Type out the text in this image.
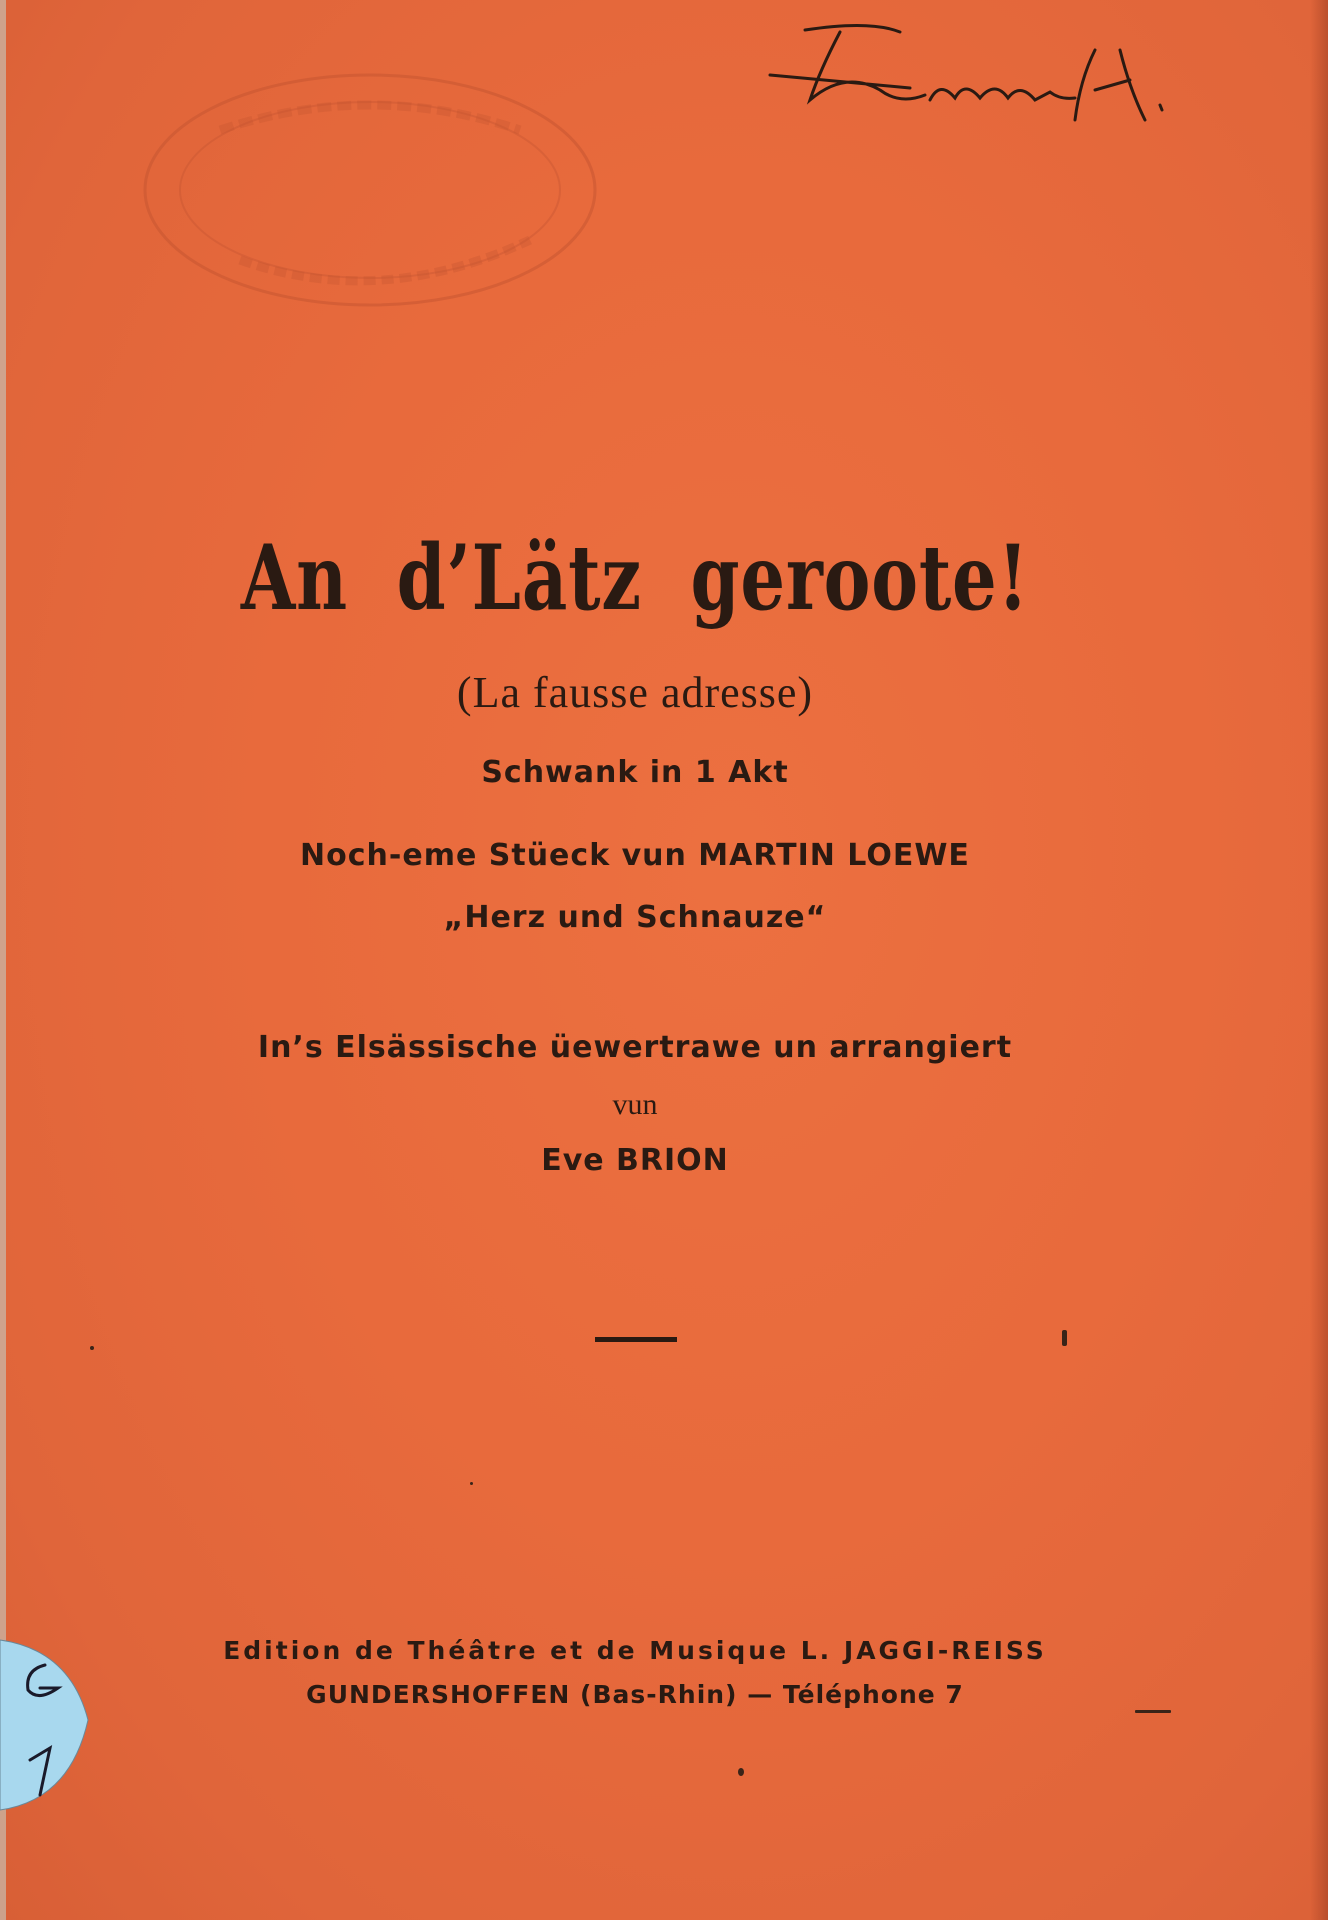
An d’Lätz geroote!
(La fausse adresse)
Schwank in 1 Akt
Noch-eme Stüeck vun MARTIN LOEWE
„Herz und Schnauze“
In’s Elsässische üewertrawe un arrangiert
vun
Eve BRION
Edition de Théâtre et de Musique L. JAGGI-REISS
GUNDERSHOFFEN (Bas-Rhin) — Téléphone 7
